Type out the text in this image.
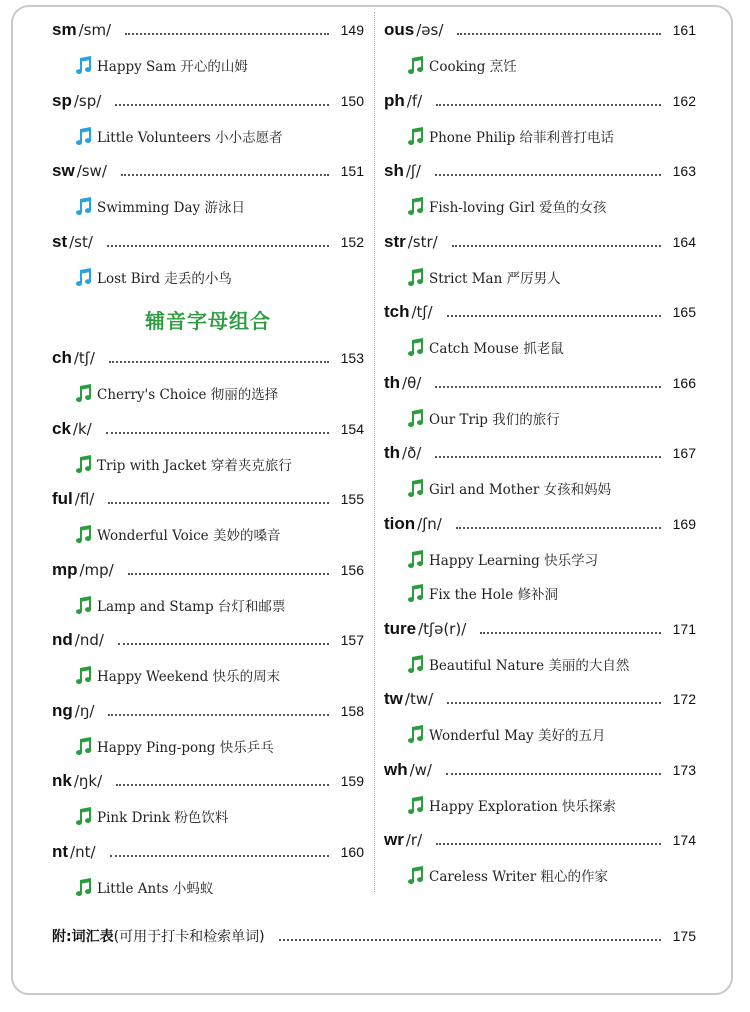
辅音字母组合
sm /sm/	149
Happy Sam 开心的山姆
sp /sp/	150
Little Volunteers 小小志愿者
sw /sw/	151
Swimming Day 游泳日
st /st/	152
Lost Bird 走丢的小鸟
ch /tʃ/	153
Cherry's Choice 彻丽的选择
ck /k/	154
Trip with Jacket 穿着夹克旅行
ful /fl/	155
Wonderful Voice 美妙的嗓音
mp /mp/	156
Lamp and Stamp 台灯和邮票
nd /nd/	157
Happy Weekend 快乐的周末
ng /ŋ/	158
Happy Ping-pong 快乐乒乓
nk /ŋk/	159
Pink Drink 粉色饮料
nt /nt/	160
Little Ants 小蚂蚁
ous /əs/	161
Cooking 烹饪
ph /f/	162
Phone Philip 给菲利普打电话
sh /ʃ/	163
Fish-loving Girl 爱鱼的女孩
str /str/	164
Strict Man 严厉男人
tch /tʃ/	165
Catch Mouse 抓老鼠
th /θ/	166
Our Trip 我们的旅行
th /ð/	167
Girl and Mother 女孩和妈妈
tion /ʃn/	169
Happy Learning 快乐学习
Fix the Hole 修补洞
ture /tʃə(r)/	171
Beautiful Nature 美丽的大自然
tw /tw/	172
Wonderful May 美好的五月
wh /w/	173
Happy Exploration 快乐探索
wr /r/	174
Careless Writer 粗心的作家
附:词汇表(可用于打卡和检索单词)	175
